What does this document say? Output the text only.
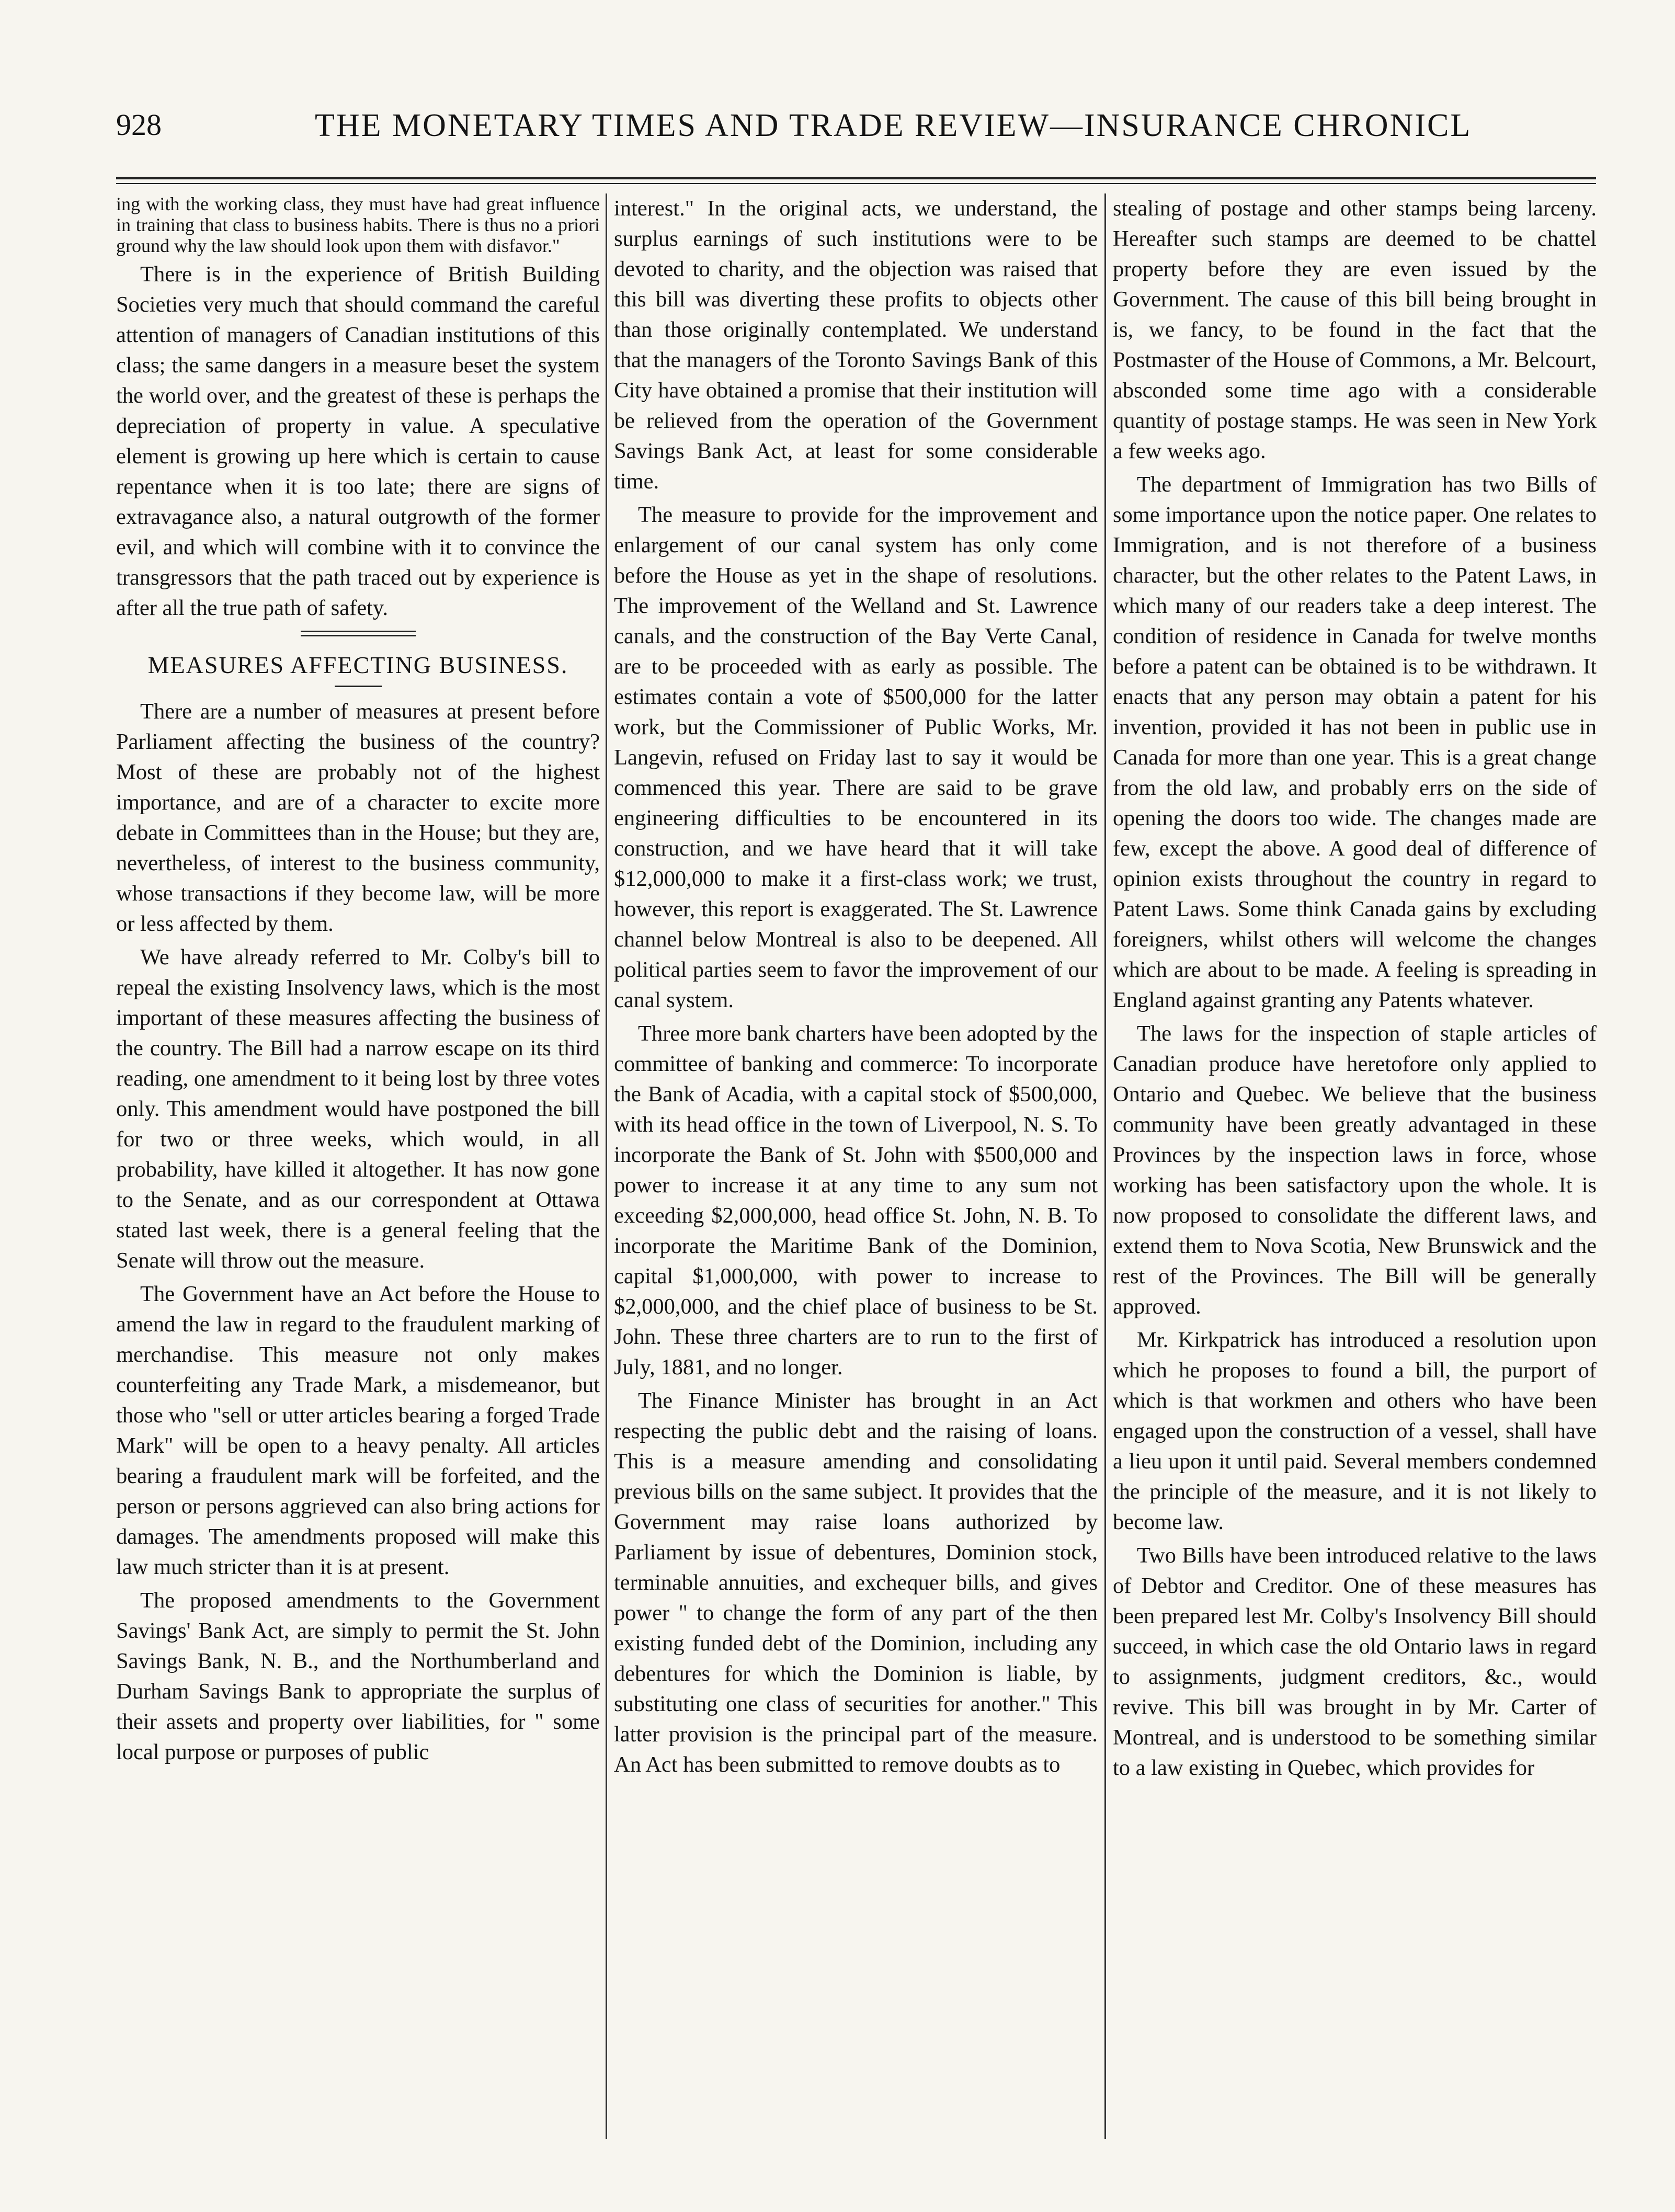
928	THE MONETARY TIMES AND TRADE REVIEW—INSURANCE CHRONICL

ing with the working class, they must have had great influence in training that class to business habits. There is thus no a priori ground why the law should look upon them with disfavor."

There is in the experience of British Building Societies very much that should command the careful attention of managers of Canadian institutions of this class; the same dangers in a measure beset the system the world over, and the greatest of these is perhaps the depreciation of property in value. A speculative element is growing up here which is certain to cause repentance when it is too late; there are signs of extravagance also, a natural outgrowth of the former evil, and which will combine with it to convince the transgressors that the path traced out by experience is after all the true path of safety.

MEASURES AFFECTING BUSINESS.

There are a number of measures at present before Parliament affecting the business of the country? Most of these are probably not of the highest importance, and are of a character to excite more debate in Committees than in the House; but they are, nevertheless, of interest to the business community, whose transactions if they become law, will be more or less affected by them.

We have already referred to Mr. Colby's bill to repeal the existing Insolvency laws, which is the most important of these measures affecting the business of the country. The Bill had a narrow escape on its third reading, one amendment to it being lost by three votes only. This amendment would have postponed the bill for two or three weeks, which would, in all probability, have killed it altogether. It has now gone to the Senate, and as our correspondent at Ottawa stated last week, there is a general feeling that the Senate will throw out the measure.

The Government have an Act before the House to amend the law in regard to the fraudulent marking of merchandise. This measure not only makes counterfeiting any Trade Mark, a misdemeanor, but those who "sell or utter articles bearing a forged Trade Mark" will be open to a heavy penalty. All articles bearing a fraudulent mark will be forfeited, and the person or persons aggrieved can also bring actions for damages. The amendments proposed will make this law much stricter than it is at present.

The proposed amendments to the Government Savings' Bank Act, are simply to permit the St. John Savings Bank, N. B., and the Northumberland and Durham Savings Bank to appropriate the surplus of their assets and property over liabilities, for " some local purpose or purposes of public

interest." In the original acts, we understand, the surplus earnings of such institutions were to be devoted to charity, and the objection was raised that this bill was diverting these profits to objects other than those originally contemplated. We understand that the managers of the Toronto Savings Bank of this City have obtained a promise that their institution will be relieved from the operation of the Government Savings Bank Act, at least for some considerable time.

The measure to provide for the improvement and enlargement of our canal system has only come before the House as yet in the shape of resolutions. The improvement of the Welland and St. Lawrence canals, and the construction of the Bay Verte Canal, are to be proceeded with as early as possible. The estimates contain a vote of $500,000 for the latter work, but the Commissioner of Public Works, Mr. Langevin, refused on Friday last to say it would be commenced this year. There are said to be grave engineering difficulties to be encountered in its construction, and we have heard that it will take $12,000,000 to make it a first-class work; we trust, however, this report is exaggerated. The St. Lawrence channel below Montreal is also to be deepened. All political parties seem to favor the improvement of our canal system.

Three more bank charters have been adopted by the committee of banking and commerce: To incorporate the Bank of Acadia, with a capital stock of $500,000, with its head office in the town of Liverpool, N. S. To incorporate the Bank of St. John with $500,000 and power to increase it at any time to any sum not exceeding $2,000,000, head office St. John, N. B. To incorporate the Maritime Bank of the Dominion, capital $1,000,000, with power to increase to $2,000,000, and the chief place of business to be St. John. These three charters are to run to the first of July, 1881, and no longer.

The Finance Minister has brought in an Act respecting the public debt and the raising of loans. This is a measure amending and consolidating previous bills on the same subject. It provides that the Government may raise loans authorized by Parliament by issue of debentures, Dominion stock, terminable annuities, and exchequer bills, and gives power " to change the form of any part of the then existing funded debt of the Dominion, including any debentures for which the Dominion is liable, by substituting one class of securities for another." This latter provision is the principal part of the measure. An Act has been submitted to remove doubts as to

stealing of postage and other stamps being larceny. Hereafter such stamps are deemed to be chattel property before they are even issued by the Government. The cause of this bill being brought in is, we fancy, to be found in the fact that the Postmaster of the House of Commons, a Mr. Belcourt, absconded some time ago with a considerable quantity of postage stamps. He was seen in New York a few weeks ago.

The department of Immigration has two Bills of some importance upon the notice paper. One relates to Immigration, and is not therefore of a business character, but the other relates to the Patent Laws, in which many of our readers take a deep interest. The condition of residence in Canada for twelve months before a patent can be obtained is to be withdrawn. It enacts that any person may obtain a patent for his invention, provided it has not been in public use in Canada for more than one year. This is a great change from the old law, and probably errs on the side of opening the doors too wide. The changes made are few, except the above. A good deal of difference of opinion exists throughout the country in regard to Patent Laws. Some think Canada gains by excluding foreigners, whilst others will welcome the changes which are about to be made. A feeling is spreading in England against granting any Patents whatever.

The laws for the inspection of staple articles of Canadian produce have heretofore only applied to Ontario and Quebec. We believe that the business community have been greatly advantaged in these Provinces by the inspection laws in force, whose working has been satisfactory upon the whole. It is now proposed to consolidate the different laws, and extend them to Nova Scotia, New Brunswick and the rest of the Provinces. The Bill will be generally approved.

Mr. Kirkpatrick has introduced a resolution upon which he proposes to found a bill, the purport of which is that workmen and others who have been engaged upon the construction of a vessel, shall have a lieu upon it until paid. Several members condemned the principle of the measure, and it is not likely to become law.

Two Bills have been introduced relative to the laws of Debtor and Creditor. One of these measures has been prepared lest Mr. Colby's Insolvency Bill should succeed, in which case the old Ontario laws in regard to assignments, judgment creditors, &c., would revive. This bill was brought in by Mr. Carter of Montreal, and is understood to be something similar to a law existing in Quebec, which provides for
